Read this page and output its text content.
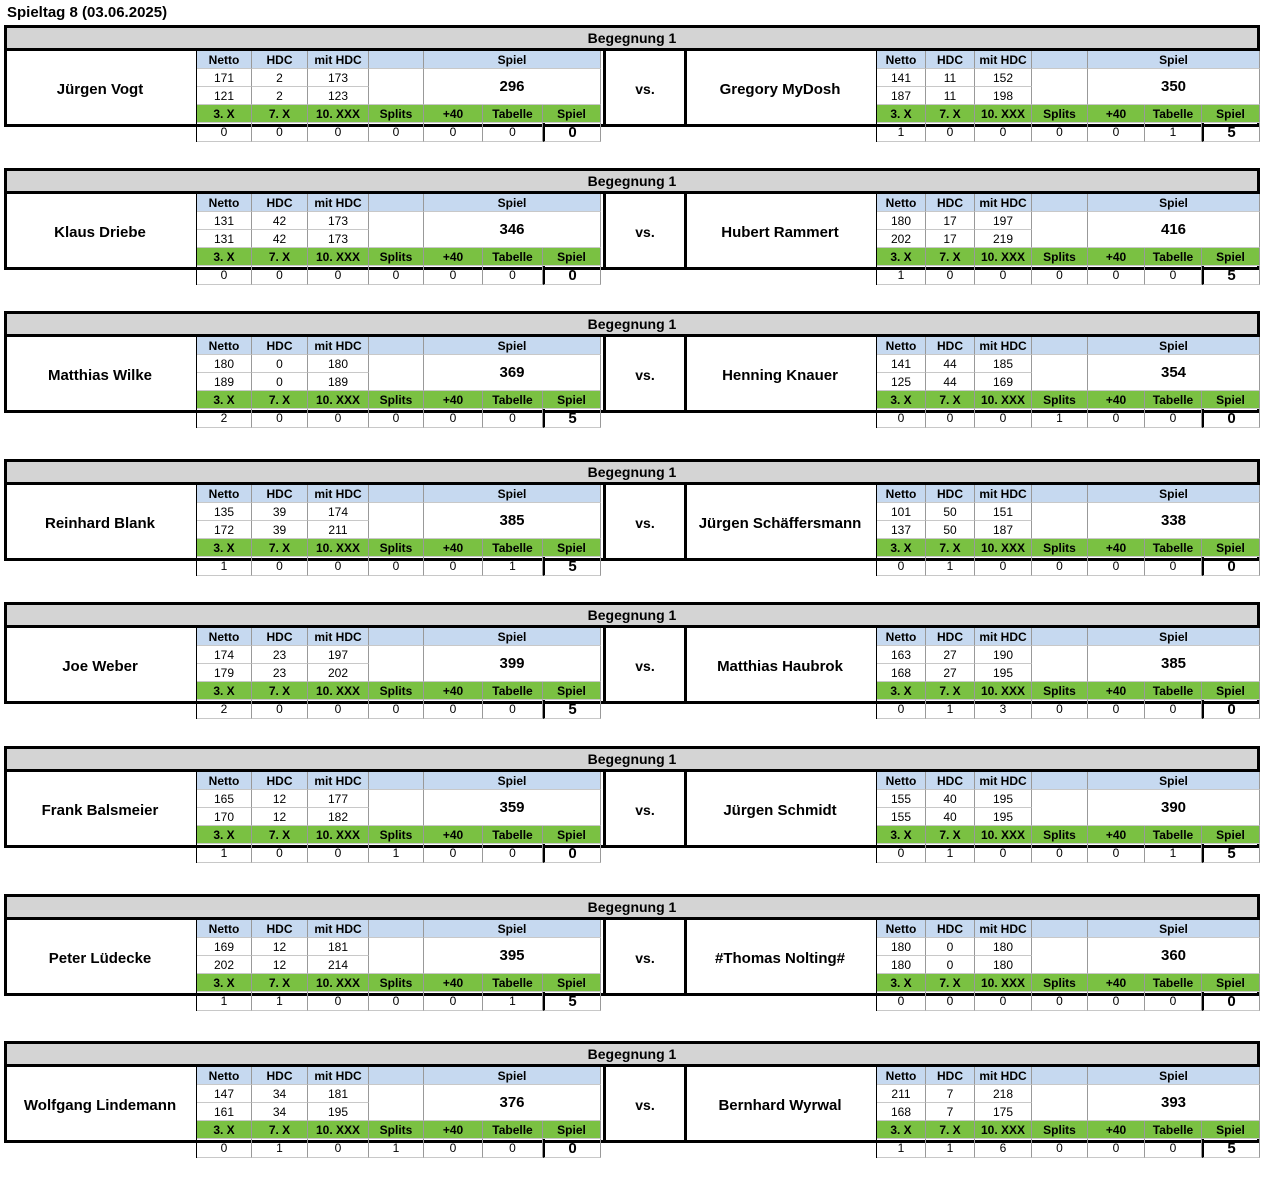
Spieltag 8 (03.06.2025)
Begegnung 1
vs.
Jürgen Vogt
Netto	HDC	mit HDC	Spiel
171	2	173
296
121	2	123
3. X	7. X	10. XXX	Splits	+40	Tabelle	Spiel
0	0	0	0	0	0	0
Gregory MyDosh
Netto	HDC	mit HDC	Spiel
141	11	152
350
187	11	198
3. X	7. X	10. XXX	Splits	+40	Tabelle	Spiel
1	0	0	0	0	1	5
Begegnung 1
vs.
Klaus Driebe
Netto	HDC	mit HDC	Spiel
131	42	173
346
131	42	173
3. X	7. X	10. XXX	Splits	+40	Tabelle	Spiel
0	0	0	0	0	0	0
Hubert Rammert
Netto	HDC	mit HDC	Spiel
180	17	197
416
202	17	219
3. X	7. X	10. XXX	Splits	+40	Tabelle	Spiel
1	0	0	0	0	0	5
Begegnung 1
vs.
Matthias Wilke
Netto	HDC	mit HDC	Spiel
180	0	180
369
189	0	189
3. X	7. X	10. XXX	Splits	+40	Tabelle	Spiel
2	0	0	0	0	0	5
Henning Knauer
Netto	HDC	mit HDC	Spiel
141	44	185
354
125	44	169
3. X	7. X	10. XXX	Splits	+40	Tabelle	Spiel
0	0	0	1	0	0	0
Begegnung 1
vs.
Reinhard Blank
Netto	HDC	mit HDC	Spiel
135	39	174
385
172	39	211
3. X	7. X	10. XXX	Splits	+40	Tabelle	Spiel
1	0	0	0	0	1	5
Jürgen Schäffersmann
Netto	HDC	mit HDC	Spiel
101	50	151
338
137	50	187
3. X	7. X	10. XXX	Splits	+40	Tabelle	Spiel
0	1	0	0	0	0	0
Begegnung 1
vs.
Joe Weber
Netto	HDC	mit HDC	Spiel
174	23	197
399
179	23	202
3. X	7. X	10. XXX	Splits	+40	Tabelle	Spiel
2	0	0	0	0	0	5
Matthias Haubrok
Netto	HDC	mit HDC	Spiel
163	27	190
385
168	27	195
3. X	7. X	10. XXX	Splits	+40	Tabelle	Spiel
0	1	3	0	0	0	0
Begegnung 1
vs.
Frank Balsmeier
Netto	HDC	mit HDC	Spiel
165	12	177
359
170	12	182
3. X	7. X	10. XXX	Splits	+40	Tabelle	Spiel
1	0	0	1	0	0	0
Jürgen Schmidt
Netto	HDC	mit HDC	Spiel
155	40	195
390
155	40	195
3. X	7. X	10. XXX	Splits	+40	Tabelle	Spiel
0	1	0	0	0	1	5
Begegnung 1
vs.
Peter Lüdecke
Netto	HDC	mit HDC	Spiel
169	12	181
395
202	12	214
3. X	7. X	10. XXX	Splits	+40	Tabelle	Spiel
1	1	0	0	0	1	5
#Thomas Nolting#
Netto	HDC	mit HDC	Spiel
180	0	180
360
180	0	180
3. X	7. X	10. XXX	Splits	+40	Tabelle	Spiel
0	0	0	0	0	0	0
Begegnung 1
vs.
Wolfgang Lindemann
Netto	HDC	mit HDC	Spiel
147	34	181
376
161	34	195
3. X	7. X	10. XXX	Splits	+40	Tabelle	Spiel
0	1	0	1	0	0	0
Bernhard Wyrwal
Netto	HDC	mit HDC	Spiel
211	7	218
393
168	7	175
3. X	7. X	10. XXX	Splits	+40	Tabelle	Spiel
1	1	6	0	0	0	5
